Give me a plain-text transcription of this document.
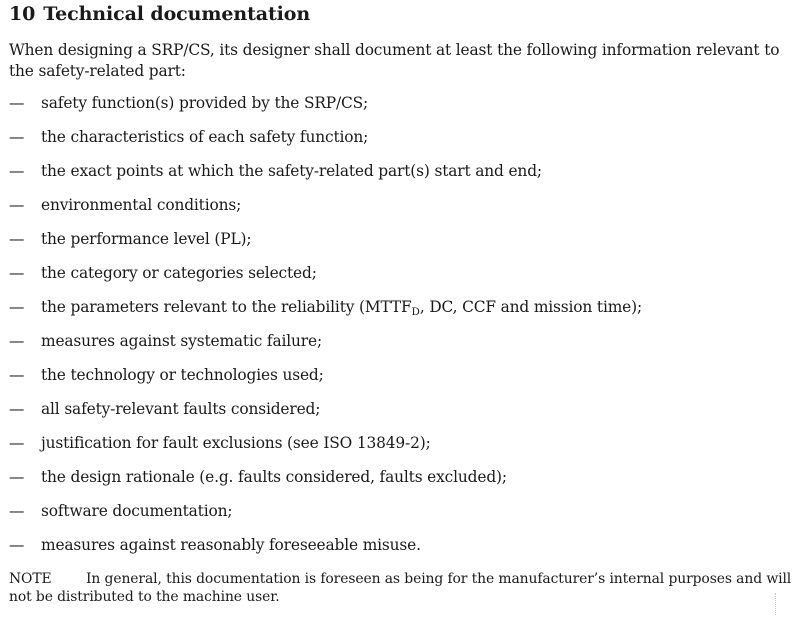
10 Technical documentation

When designing a SRP/CS, its designer shall document at least the following information relevant to the safety-related part:

—	safety function(s) provided by the SRP/CS;
—	the characteristics of each safety function;
—	the exact points at which the safety-related part(s) start and end;
—	environmental conditions;
—	the performance level (PL);
—	the category or categories selected;
—	the parameters relevant to the reliability ($MTTF_D$, DC, CCF and mission time);
—	measures against systematic failure;
—	the technology or technologies used;
—	all safety-relevant faults considered;
—	justification for fault exclusions (see ISO 13849-2);
—	the design rationale (e.g. faults considered, faults excluded);
—	software documentation;
—	measures against reasonably foreseeable misuse.

NOTE In general, this documentation is foreseen as being for the manufacturer’s internal purposes and will not be distributed to the machine user.
